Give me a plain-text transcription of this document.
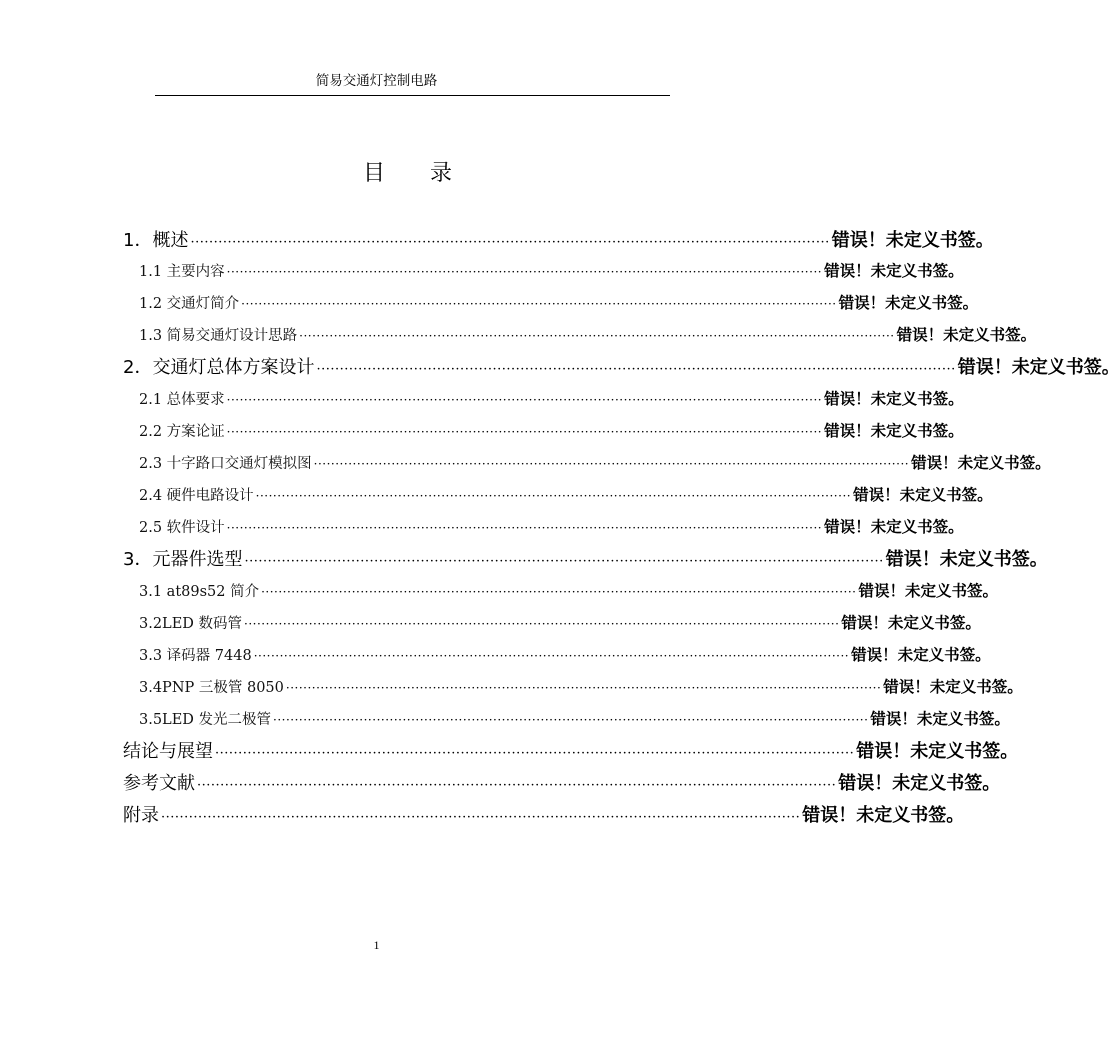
简易交通灯控制电路
目 录
1．概述 ·········································································································································· 错误！未定义书签。
1.1 主要内容 ·········································································································································· 错误！未定义书签。
1.2 交通灯简介 ·········································································································································· 错误！未定义书签。
1.3 简易交通灯设计思路 ·········································································································································· 错误！未定义书签。
2．交通灯总体方案设计 ·········································································································································· 错误！未定义书签。
2.1 总体要求 ·········································································································································· 错误！未定义书签。
2.2 方案论证 ·········································································································································· 错误！未定义书签。
2.3 十字路口交通灯模拟图 ·········································································································································· 错误！未定义书签。
2.4 硬件电路设计 ·········································································································································· 错误！未定义书签。
2.5 软件设计 ·········································································································································· 错误！未定义书签。
3．元器件选型 ·········································································································································· 错误！未定义书签。
3.1 at89s52 简介 ·········································································································································· 错误！未定义书签。
3.2LED 数码管 ·········································································································································· 错误！未定义书签。
3.3 译码器 7448 ·········································································································································· 错误！未定义书签。
3.4PNP 三极管 8050 ·········································································································································· 错误！未定义书签。
3.5LED 发光二极管 ·········································································································································· 错误！未定义书签。
结论与展望 ·········································································································································· 错误！未定义书签。
参考文献 ·········································································································································· 错误！未定义书签。
附录 ·········································································································································· 错误！未定义书签。
1
